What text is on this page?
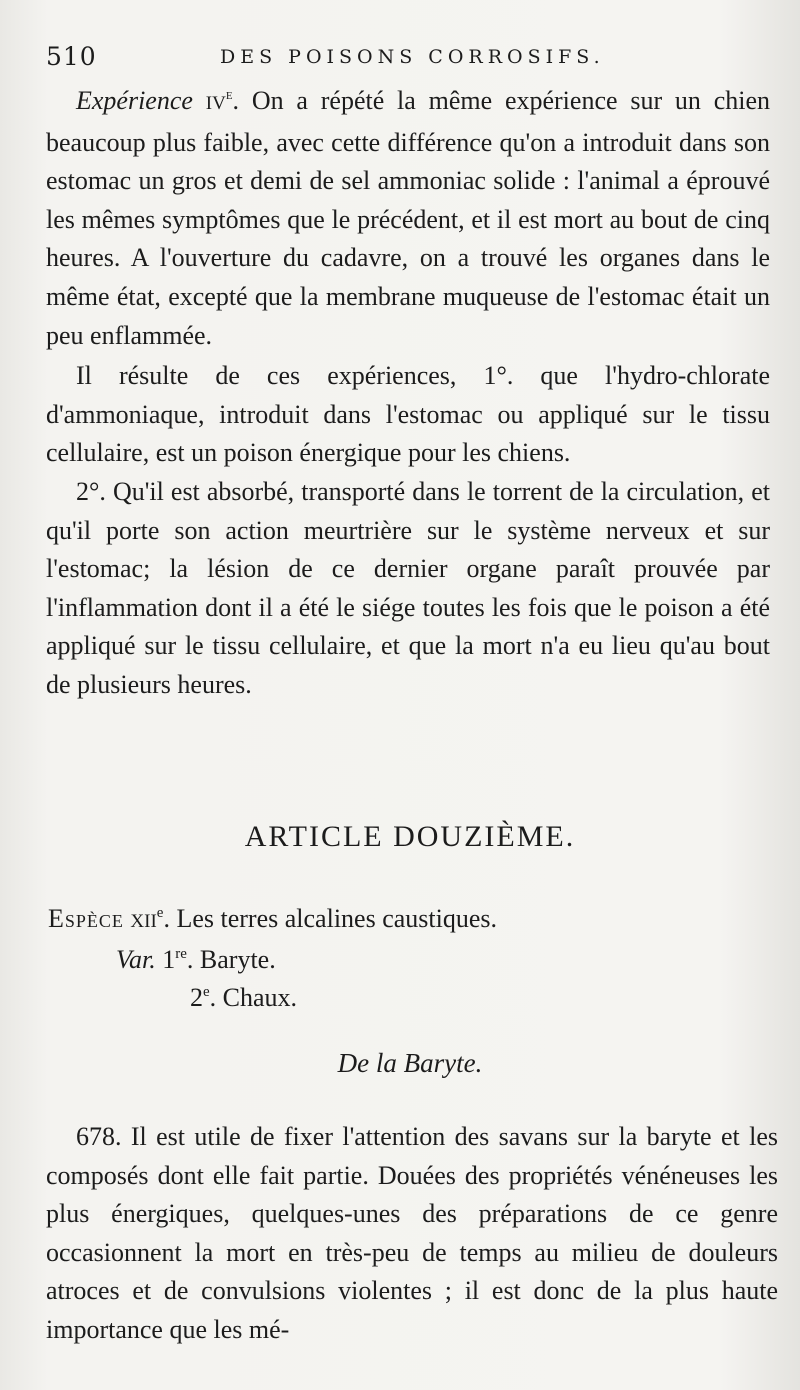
510	DES POISONS CORROSIFS.

Expérience IVe. On a répété la même expérience sur un chien beaucoup plus faible, avec cette différence qu'on a introduit dans son estomac un gros et demi de sel ammoniac solide : l'animal a éprouvé les mêmes symptômes que le précédent, et il est mort au bout de cinq heures. A l'ouverture du cadavre, on a trouvé les organes dans le même état, excepté que la membrane muqueuse de l'estomac était un peu enflammée.

Il résulte de ces expériences, 1°. que l'hydro-chlorate d'ammoniaque, introduit dans l'estomac ou appliqué sur le tissu cellulaire, est un poison énergique pour les chiens.

2°. Qu'il est absorbé, transporté dans le torrent de la circulation, et qu'il porte son action meurtrière sur le système nerveux et sur l'estomac; la lésion de ce dernier organe paraît prouvée par l'inflammation dont il a été le siége toutes les fois que le poison a été appliqué sur le tissu cellulaire, et que la mort n'a eu lieu qu'au bout de plusieurs heures.

ARTICLE DOUZIÈME.
Espèce XIIe. Les terres alcalines caustiques.
Var. 1re. Baryte.
2e. Chaux.
De la Baryte.

678. Il est utile de fixer l'attention des savans sur la baryte et les composés dont elle fait partie. Douées des propriétés vénéneuses les plus énergiques, quelques-unes des préparations de ce genre occasionnent la mort en très-peu de temps au milieu de douleurs atroces et de convulsions violentes ; il est donc de la plus haute importance que les mé-
